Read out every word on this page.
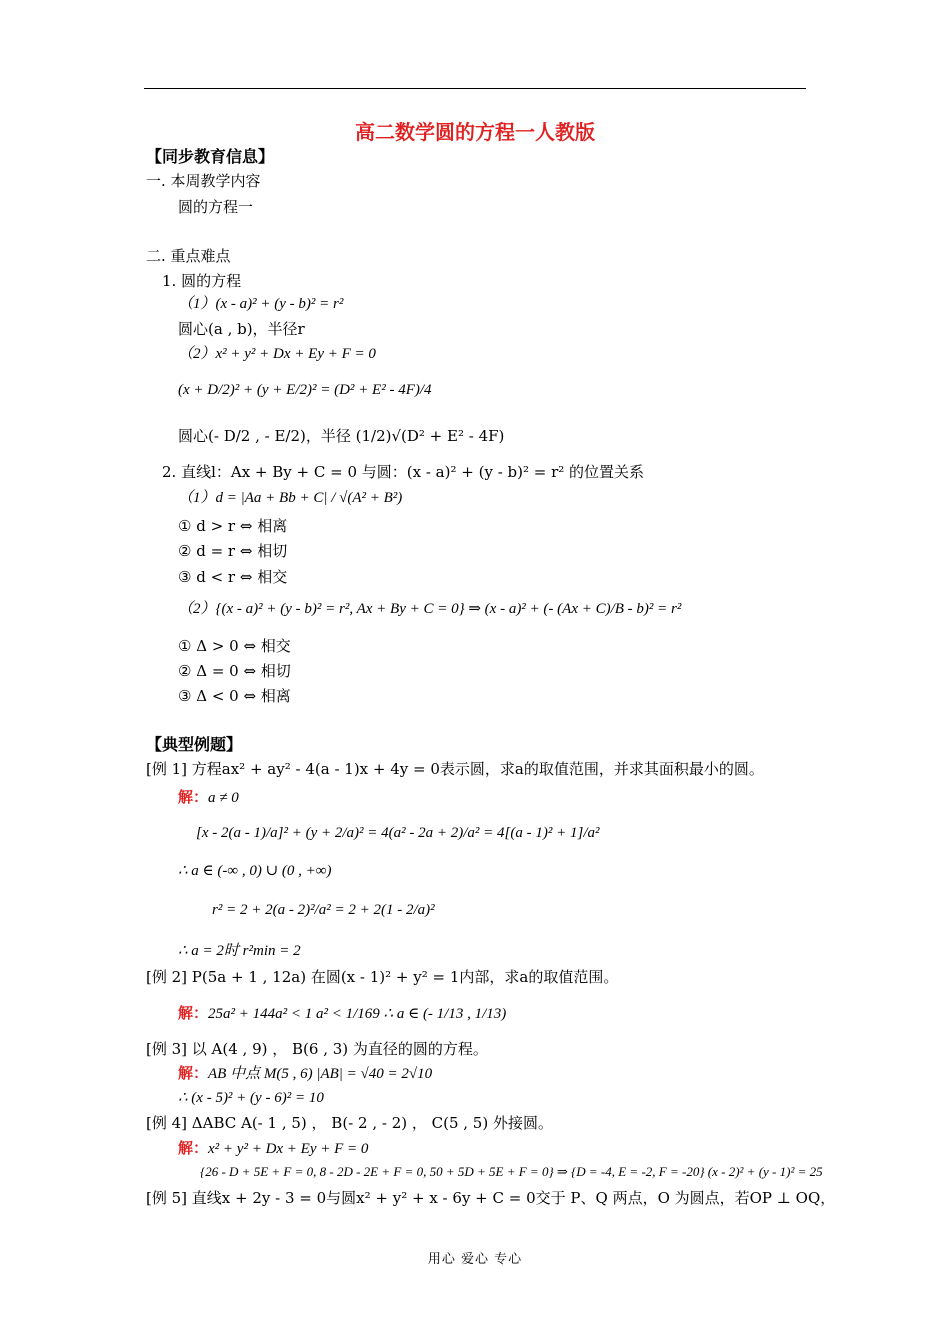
高二数学圆的方程一人教版
【同步教育信息】
一. 本周教学内容
圆的方程一
二. 重点难点
1. 圆的方程
（1）(x - a)² + (y - b)² = r²
圆心(a , b)，半径r
（2）x² + y² + Dx + Ey + F = 0
(x + D/2)² + (y + E/2)² = (D² + E² - 4F)/4
圆心(- D/2 , - E/2)，半径 (1/2)√(D² + E² - 4F)
2. 直线l：Ax + By + C = 0 与圆：(x - a)² + (y - b)² = r² 的位置关系
（1）d = |Aa + Bb + C| / √(A² + B²)
① d > r ⇔ 相离
② d = r ⇔ 相切
③ d < r ⇔ 相交
（2）{(x - a)² + (y - b)² = r², Ax + By + C = 0} ⇒ (x - a)² + (- (Ax + C)/B - b)² = r²
① Δ > 0 ⇔ 相交
② Δ = 0 ⇔ 相切
③ Δ < 0 ⇔ 相离
【典型例题】
[例 1] 方程ax² + ay² - 4(a - 1)x + 4y = 0表示圆，求a的取值范围，并求其面积最小的圆。
解：a ≠ 0
[x - 2(a - 1)/a]² + (y + 2/a)² = 4(a² - 2a + 2)/a² = 4[(a - 1)² + 1]/a²
∴ a ∈ (-∞ , 0) ∪ (0 , +∞)
r² = 2 + 2(a - 2)²/a² = 2 + 2(1 - 2/a)²
∴ a = 2时 r²min = 2
[例 2] P(5a + 1 , 12a) 在圆(x - 1)² + y² = 1内部，求a的取值范围。
解：25a² + 144a² < 1 a² < 1/169 ∴ a ∈ (- 1/13 , 1/13)
[例 3] 以 A(4 , 9) ， B(6 , 3) 为直径的圆的方程。
解：AB 中点 M(5 , 6) |AB| = √40 = 2√10
∴ (x - 5)² + (y - 6)² = 10
[例 4] ΔABC A(- 1 , 5) ， B(- 2 , - 2) ， C(5 , 5) 外接圆。
解：x² + y² + Dx + Ey + F = 0
{26 - D + 5E + F = 0, 8 - 2D - 2E + F = 0, 50 + 5D + 5E + F = 0} ⇒ {D = -4, E = -2, F = -20} (x - 2)² + (y - 1)² = 25
[例 5] 直线x + 2y - 3 = 0与圆x² + y² + x - 6y + C = 0交于 P、Q 两点，O 为圆点，若OP ⊥ OQ，
用心 爱心 专心
